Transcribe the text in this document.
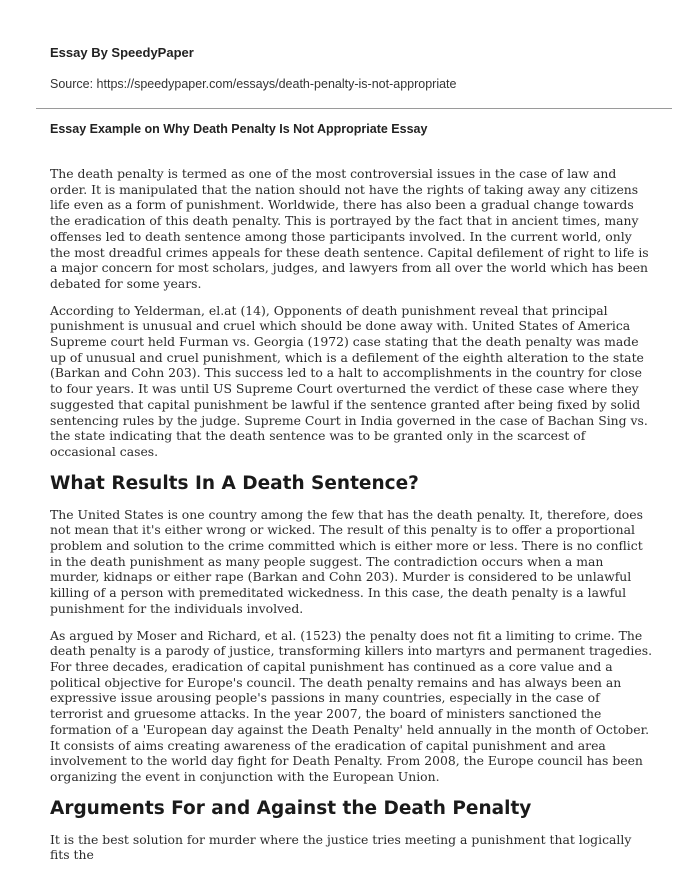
Essay By SpeedyPaper
Source: https://speedypaper.com/essays/death-penalty-is-not-appropriate
Essay Example on Why Death Penalty Is Not Appropriate Essay

The death penalty is termed as one of the most controversial issues in the case of law and order. It is manipulated that the nation should not have the rights of taking away any citizens life even as a form of punishment. Worldwide, there has also been a gradual change towards the eradication of this death penalty. This is portrayed by the fact that in ancient times, many offenses led to death sentence among those participants involved. In the current world, only the most dreadful crimes appeals for these death sentence. Capital defilement of right to life is a major concern for most scholars, judges, and lawyers from all over the world which has been debated for some years.

According to Yelderman, el.at (14), Opponents of death punishment reveal that principal punishment is unusual and cruel which should be done away with. United States of America Supreme court held Furman vs. Georgia (1972) case stating that the death penalty was made up of unusual and cruel punishment, which is a defilement of the eighth alteration to the state (Barkan and Cohn 203). This success led to a halt to accomplishments in the country for close to four years. It was until US Supreme Court overturned the verdict of these case where they suggested that capital punishment be lawful if the sentence granted after being fixed by solid sentencing rules by the judge. Supreme Court in India governed in the case of Bachan Sing vs. the state indicating that the death sentence was to be granted only in the scarcest of occasional cases.

What Results In A Death Sentence?

The United States is one country among the few that has the death penalty. It, therefore, does not mean that it's either wrong or wicked. The result of this penalty is to offer a proportional problem and solution to the crime committed which is either more or less. There is no conflict in the death punishment as many people suggest. The contradiction occurs when a man murder, kidnaps or either rape (Barkan and Cohn 203). Murder is considered to be unlawful killing of a person with premeditated wickedness. In this case, the death penalty is a lawful punishment for the individuals involved.

As argued by Moser and Richard, et al. (1523) the penalty does not fit a limiting to crime. The death penalty is a parody of justice, transforming killers into martyrs and permanent tragedies. For three decades, eradication of capital punishment has continued as a core value and a political objective for Europe's council. The death penalty remains and has always been an expressive issue arousing people's passions in many countries, especially in the case of terrorist and gruesome attacks. In the year 2007, the board of ministers sanctioned the formation of a 'European day against the Death Penalty' held annually in the month of October. It consists of aims creating awareness of the eradication of capital punishment and area involvement to the world day fight for Death Penalty. From 2008, the Europe council has been organizing the event in conjunction with the European Union.

Arguments For and Against the Death Penalty

It is the best solution for murder where the justice tries meeting a punishment that logically fits the
